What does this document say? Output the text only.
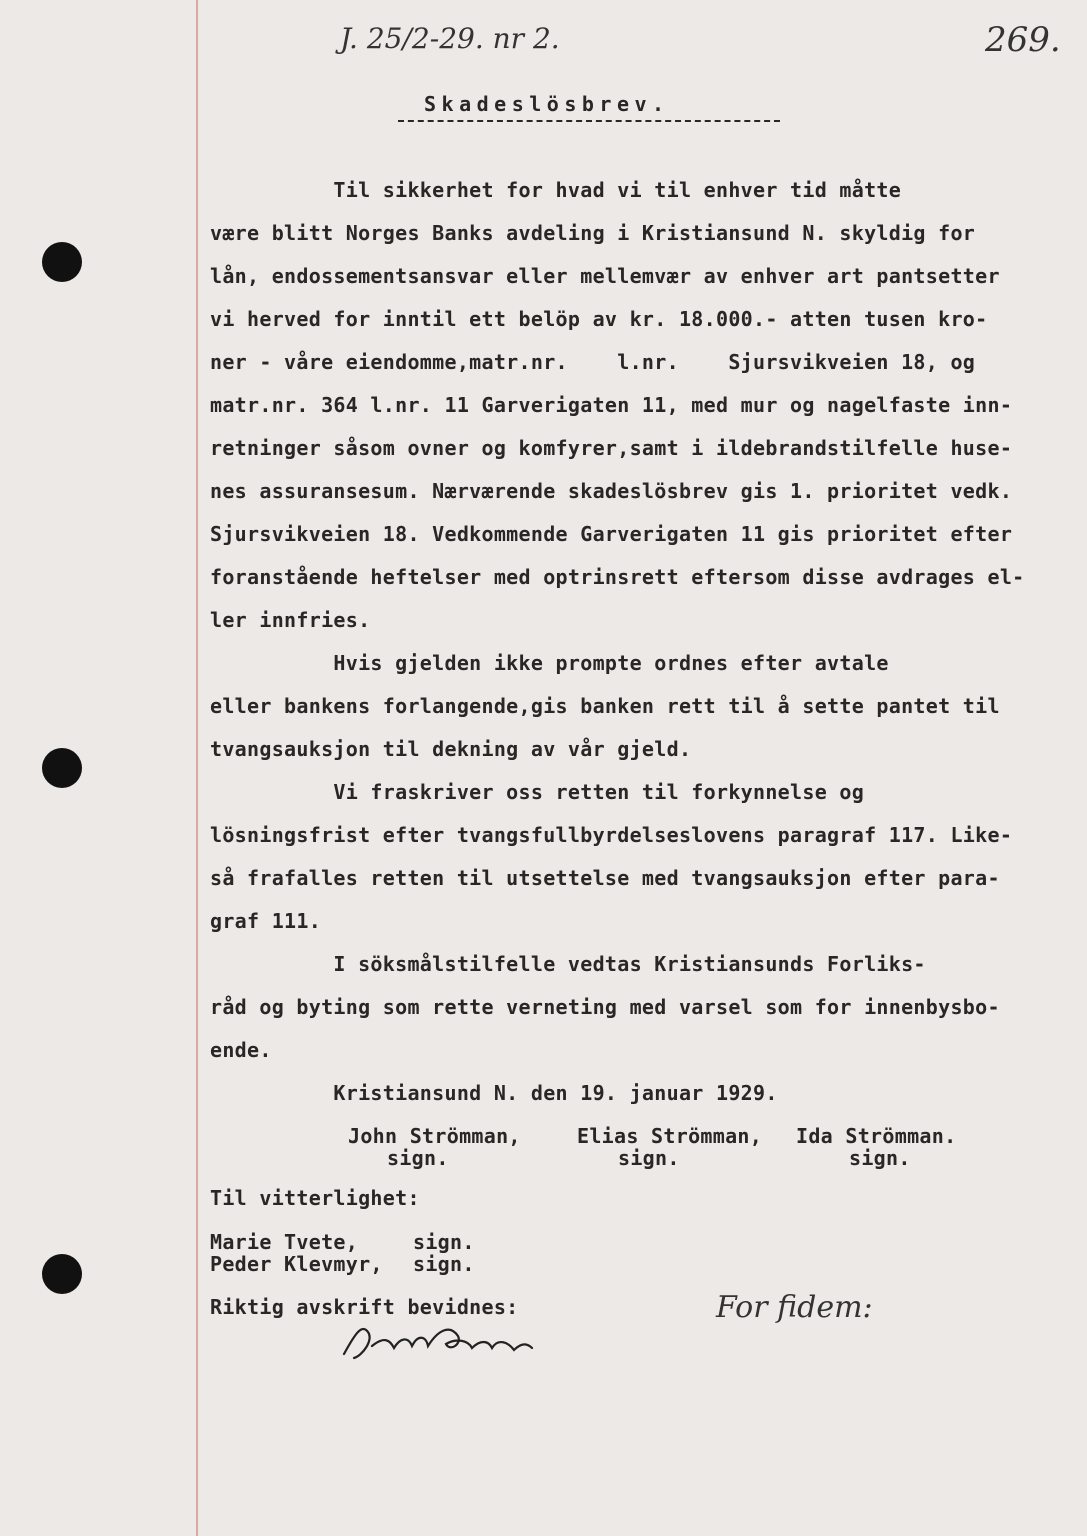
J. 25/2-29. nr 2.	269.
Skadeslösbrev.
Til sikkerhet for hvad vi til enhver tid måtte
være blitt Norges Banks avdeling i Kristiansund N. skyldig for
lån, endossementsansvar eller mellemvær av enhver art pantsetter
vi herved for inntil ett belöp av kr. 18.000.- atten tusen kro-
ner - våre eiendomme,matr.nr.    l.nr.    Sjursvikveien 18, og
matr.nr. 364 l.nr. 11 Garverigaten 11, med mur og nagelfaste inn-
retninger såsom ovner og komfyrer,samt i ildebrandstilfelle huse-
nes assuransesum. Nærværende skadeslösbrev gis 1. prioritet vedk.
Sjursvikveien 18. Vedkommende Garverigaten 11 gis prioritet efter
foranstående heftelser med optrinsrett eftersom disse avdrages el-
ler innfries.
Hvis gjelden ikke prompte ordnes efter avtale
eller bankens forlangende,gis banken rett til å sette pantet til
tvangsauksjon til dekning av vår gjeld.
Vi fraskriver oss retten til forkynnelse og
lösningsfrist efter tvangsfullbyrdelseslovens paragraf 117. Like-
så frafalles retten til utsettelse med tvangsauksjon efter para-
graf 111.
I söksmålstilfelle vedtas Kristiansunds Forliks-
råd og byting som rette verneting med varsel som for innenbysbo-
ende.
Kristiansund N. den 19. januar 1929.
John Strömman,
sign.
Elias Strömman,
sign.
Ida Strömman.
sign.
Til vitterlighet:
Marie Tvete,	sign.
Peder Klevmyr, sign.
Riktig avskrift bevidnes:	For fidem:
